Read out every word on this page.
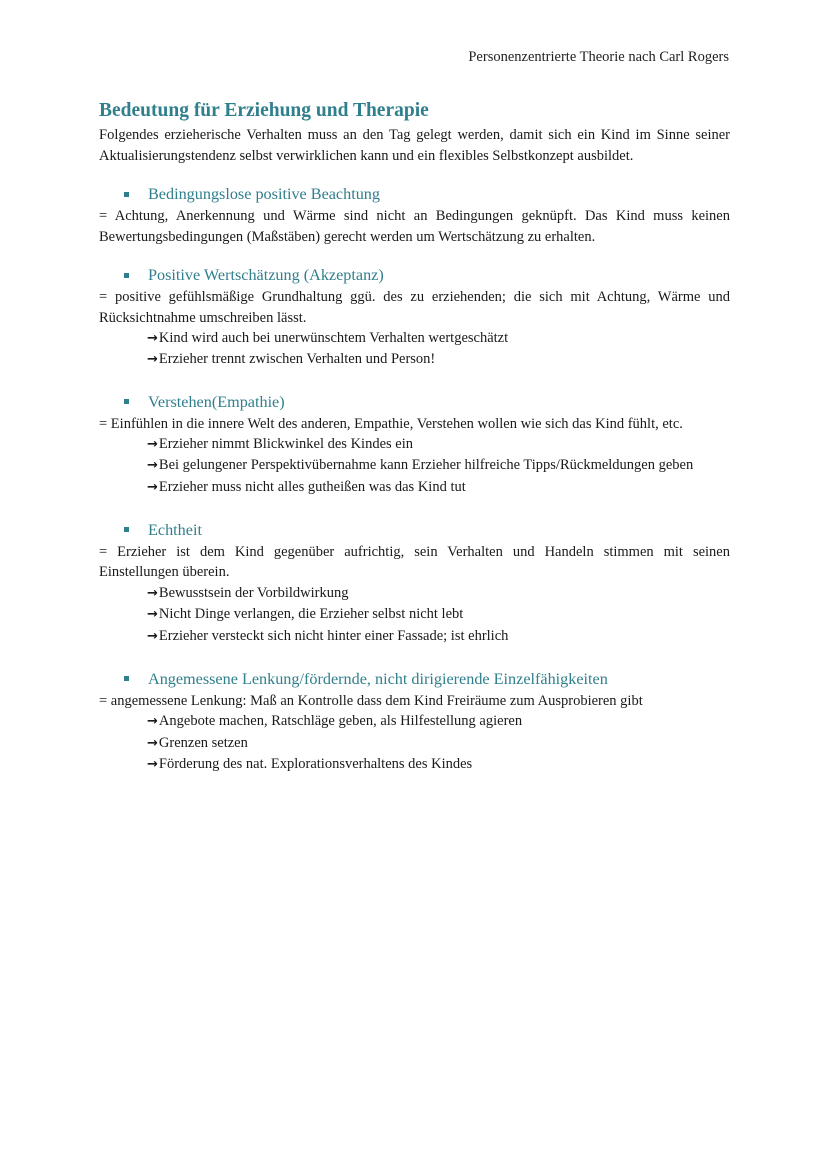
Personenzentrierte Theorie nach Carl Rogers
Bedeutung für Erziehung und Therapie

Folgendes erzieherische Verhalten muss an den Tag gelegt werden, damit sich ein Kind im Sinne seiner Aktualisierungstendenz selbst verwirklichen kann und ein flexibles Selbstkonzept ausbildet.

Bedingungslose positive Beachtung

= Achtung, Anerkennung und Wärme sind nicht an Bedingungen geknüpft. Das Kind muss keinen Bewertungsbedingungen (Maßstäben) gerecht werden um Wertschätzung zu erhalten.

Positive Wertschätzung (Akzeptanz)

= positive gefühlsmäßige Grundhaltung ggü. des zu erziehenden; die sich mit Achtung, Wärme und Rücksichtnahme umschreiben lässt.

→Kind wird auch bei unerwünschtem Verhalten wertgeschätzt
→Erzieher trennt zwischen Verhalten und Person!
Verstehen(Empathie)

= Einfühlen in die innere Welt des anderen, Empathie, Verstehen wollen wie sich das Kind fühlt, etc.

→Erzieher nimmt Blickwinkel des Kindes ein
→Bei gelungener Perspektivübernahme kann Erzieher hilfreiche Tipps/Rückmeldungen geben
→Erzieher muss nicht alles gutheißen was das Kind tut
Echtheit

= Erzieher ist dem Kind gegenüber aufrichtig, sein Verhalten und Handeln stimmen mit seinen Einstellungen überein.

→Bewusstsein der Vorbildwirkung
→Nicht Dinge verlangen, die Erzieher selbst nicht lebt
→Erzieher versteckt sich nicht hinter einer Fassade; ist ehrlich
Angemessene Lenkung/fördernde, nicht dirigierende Einzelfähigkeiten

= angemessene Lenkung: Maß an Kontrolle dass dem Kind Freiräume zum Ausprobieren gibt

→Angebote machen, Ratschläge geben, als Hilfestellung agieren
→Grenzen setzen
→Förderung des nat. Explorationsverhaltens des Kindes
